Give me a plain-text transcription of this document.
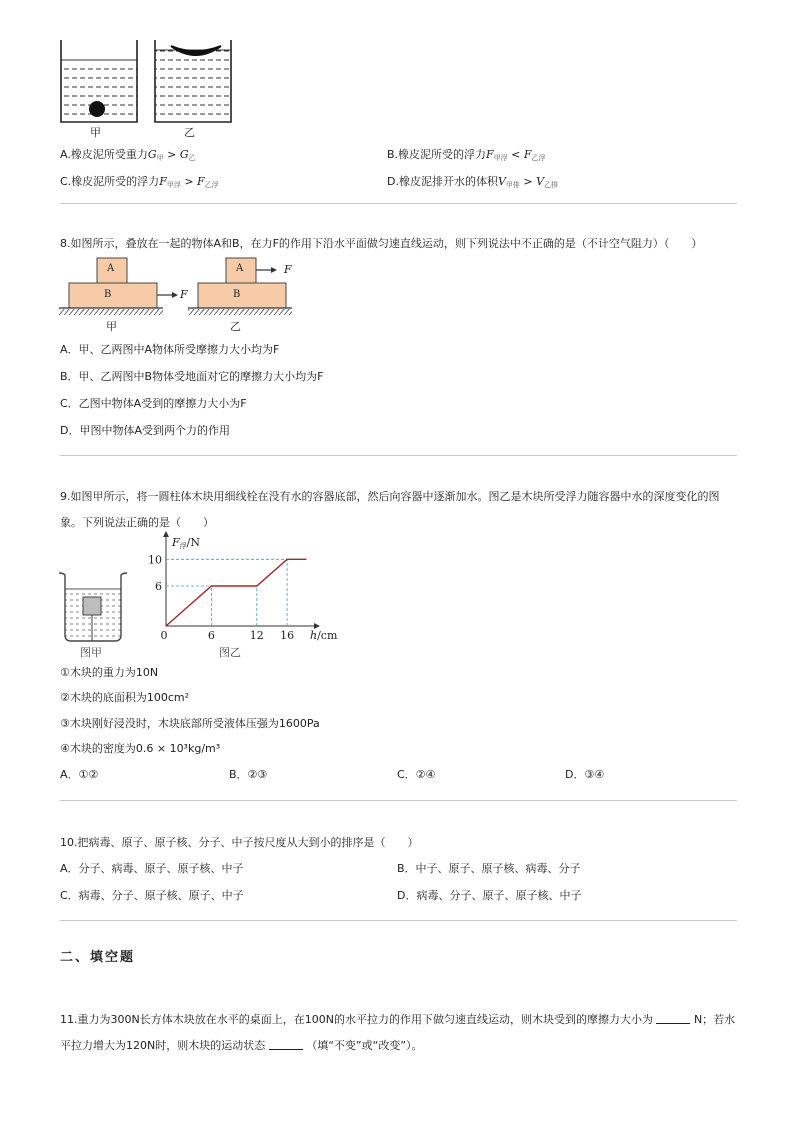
甲	乙
A.橡皮泥所受重力$G_甲 > G_乙$	B.橡皮泥所受的浮力$F_{甲浮} < F_{乙浮}$
C.橡皮泥所受的浮力$F_{甲浮} > F_{乙浮}$	D.橡皮泥排开水的体积$V_{甲排} > V_{乙排}$
8.如图所示，叠放在一起的物体A和B，在力F的作用下沿水平面做匀速直线运动，则下列说法中不正确的是（不计空气阻力）（　　）
A
B	F
A
B
F
甲	乙
A．甲、乙两图中A物体所受摩擦力大小均为F
B．甲、乙两图中B物体受地面对它的摩擦力大小均为F
C．乙图中物体A受到的摩擦力大小为F
D．甲图中物体A受到两个力的作用
9.如图甲所示，将一圆柱体木块用细线栓在没有水的容器底部，然后向容器中逐渐加水。图乙是木块所受浮力随容器中水的深度变化的图
象。下列说法正确的是（　　）
图甲
6
10
0	6	12 16
F浮/N
h/cm
图乙
①木块的重力为10N
②木块的底面积为100cm²
③木块刚好浸没时，木块底部所受液体压强为1600Pa
④木块的密度为0.6 × 10³kg/m³
A．①②	B．②③	C．②④	D．③④
10.把病毒、原子、原子核、分子、中子按尺度从大到小的排序是（　　）
A．分子、病毒、原子、原子核、中子	B．中子、原子、原子核、病毒、分子
C．病毒、分子、原子核、原子、中子	D．病毒、分子、原子、原子核、中子
二、填空题
11.重力为300N长方体木块放在水平的桌面上，在100N的水平拉力的作用下做匀速直线运动，则木块受到的摩擦力大小为	N；若水
平拉力增大为120N时，则木块的运动状态	（填“不变”或“改变”）。
